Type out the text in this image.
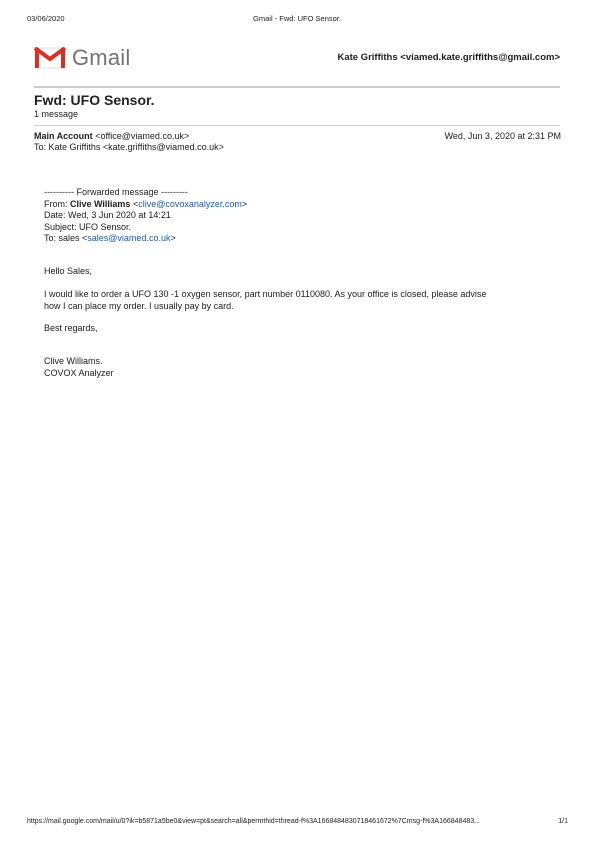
03/06/2020	Gmail - Fwd: UFO Sensor.
Gmail	Kate Griffiths <viamed.kate.griffiths@gmail.com>
Fwd: UFO Sensor.
1 message
Main Account <office@viamed.co.uk>	Wed, Jun 3, 2020 at 2:31 PM
To: Kate Griffiths <kate.griffiths@viamed.co.uk>
---------- Forwarded message ---------
From: Clive Williams <clive@covoxanalyzer.com>
Date: Wed, 3 Jun 2020 at 14:21
Subject: UFO Sensor.
To: sales <sales@viamed.co.uk>
Hello Sales,
I would like to order a UFO 130 -1 oxygen sensor, part number 0110080. As your office is closed, please advise
how I can place my order. I usually pay by card.
Best regards,
Clive Williams.
COVOX Analyzer
https://mail.google.com/mail/u/0?ik=b5871a5be0&view=pt&search=all&permthid=thread-f%3A1668484830718461672%7Cmsg-f%3A166848483...	1/1
